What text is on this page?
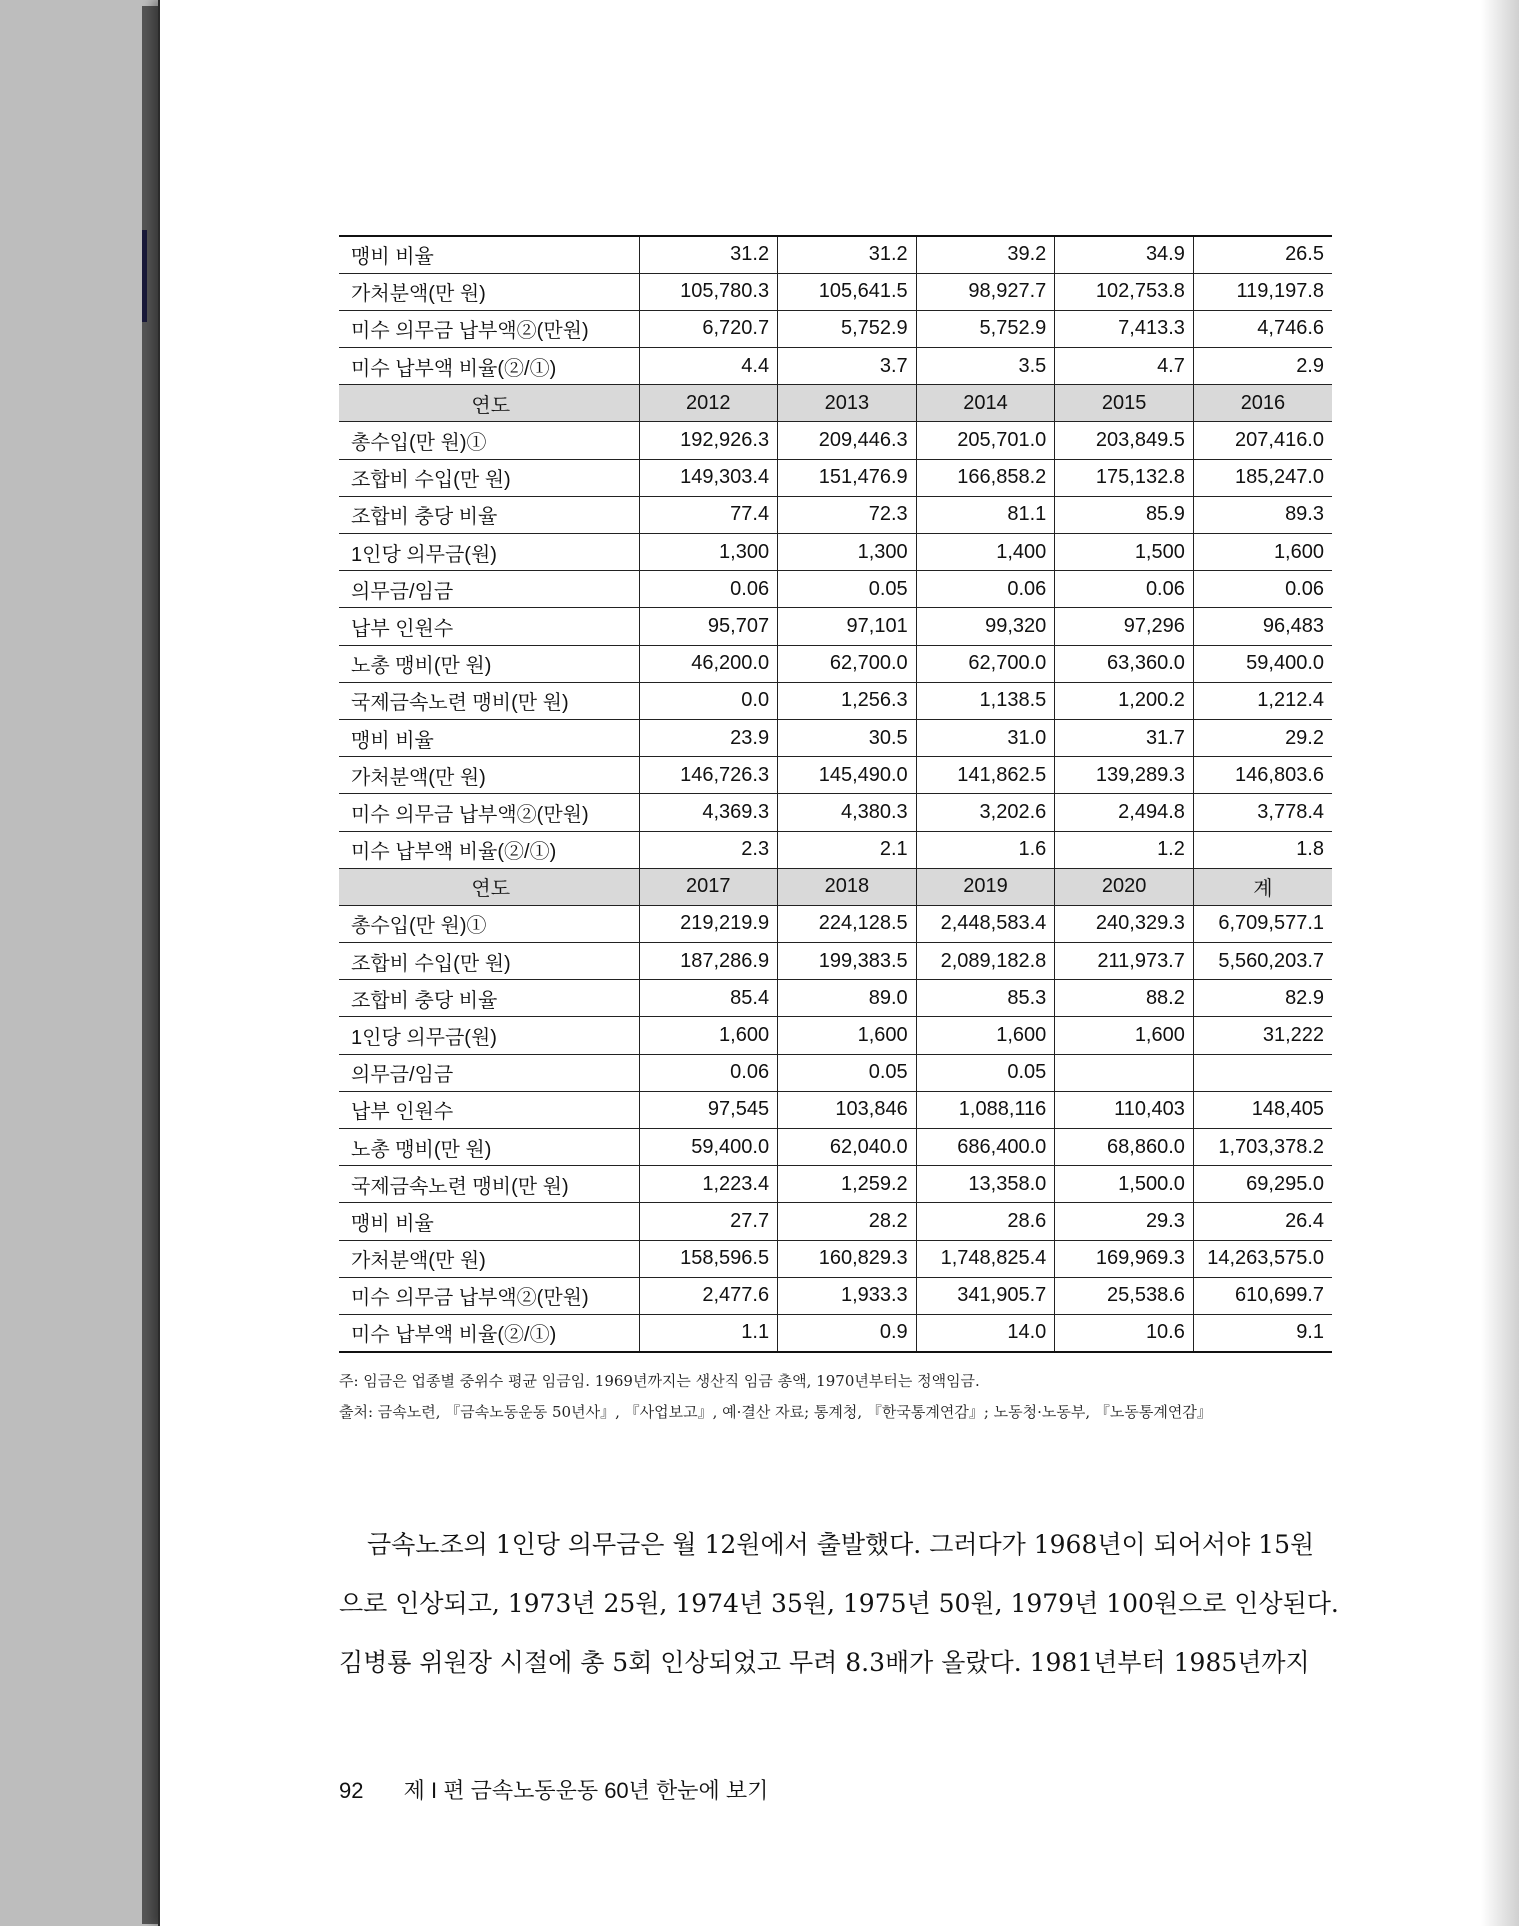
맹비 비율	31.2	31.2	39.2	34.9	26.5
가처분액(만 원)	105,780.3	105,641.5	98,927.7	102,753.8	119,197.8
미수 의무금 납부액②(만원)	6,720.7	5,752.9	5,752.9	7,413.3	4,746.6
미수 납부액 비율(②/①)	4.4	3.7	3.5	4.7	2.9
연도	2012	2013	2014	2015	2016
총수입(만 원)①	192,926.3	209,446.3	205,701.0	203,849.5	207,416.0
조합비 수입(만 원)	149,303.4	151,476.9	166,858.2	175,132.8	185,247.0
조합비 충당 비율	77.4	72.3	81.1	85.9	89.3
1인당 의무금(원)	1,300	1,300	1,400	1,500	1,600
의무금/임금	0.06	0.05	0.06	0.06	0.06
납부 인원수	95,707	97,101	99,320	97,296	96,483
노총 맹비(만 원)	46,200.0	62,700.0	62,700.0	63,360.0	59,400.0
국제금속노련 맹비(만 원)	0.0	1,256.3	1,138.5	1,200.2	1,212.4
맹비 비율	23.9	30.5	31.0	31.7	29.2
가처분액(만 원)	146,726.3	145,490.0	141,862.5	139,289.3	146,803.6
미수 의무금 납부액②(만원)	4,369.3	4,380.3	3,202.6	2,494.8	3,778.4
미수 납부액 비율(②/①)	2.3	2.1	1.6	1.2	1.8
연도	2017	2018	2019	2020	계
총수입(만 원)①	219,219.9	224,128.5	2,448,583.4	240,329.3	6,709,577.1
조합비 수입(만 원)	187,286.9	199,383.5	2,089,182.8	211,973.7	5,560,203.7
조합비 충당 비율	85.4	89.0	85.3	88.2	82.9
1인당 의무금(원)	1,600	1,600	1,600	1,600	31,222
의무금/임금	0.06	0.05	0.05		
납부 인원수	97,545	103,846	1,088,116	110,403	148,405
노총 맹비(만 원)	59,400.0	62,040.0	686,400.0	68,860.0	1,703,378.2
국제금속노련 맹비(만 원)	1,223.4	1,259.2	13,358.0	1,500.0	69,295.0
맹비 비율	27.7	28.2	28.6	29.3	26.4
가처분액(만 원)	158,596.5	160,829.3	1,748,825.4	169,969.3	14,263,575.0
미수 의무금 납부액②(만원)	2,477.6	1,933.3	341,905.7	25,538.6	610,699.7
미수 납부액 비율(②/①)	1.1	0.9	14.0	10.6	9.1
주: 임금은 업종별 중위수 평균 임금임. 1969년까지는 생산직 임금 총액, 1970년부터는 정액임금.
출처: 금속노련, 『금속노동운동 50년사』, 『사업보고』, 예·결산 자료; 통계청, 『한국통계연감』; 노동청·노동부, 『노동통계연감』
금속노조의 1인당 의무금은 월 12원에서 출발했다. 그러다가 1968년이 되어서야 15원
으로 인상되고, 1973년 25원, 1974년 35원, 1975년 50원, 1979년 100원으로 인상된다.
김병룡 위원장 시절에 총 5회 인상되었고 무려 8.3배가 올랐다. 1981년부터 1985년까지
92 제 I 편 금속노동운동 60년 한눈에 보기
